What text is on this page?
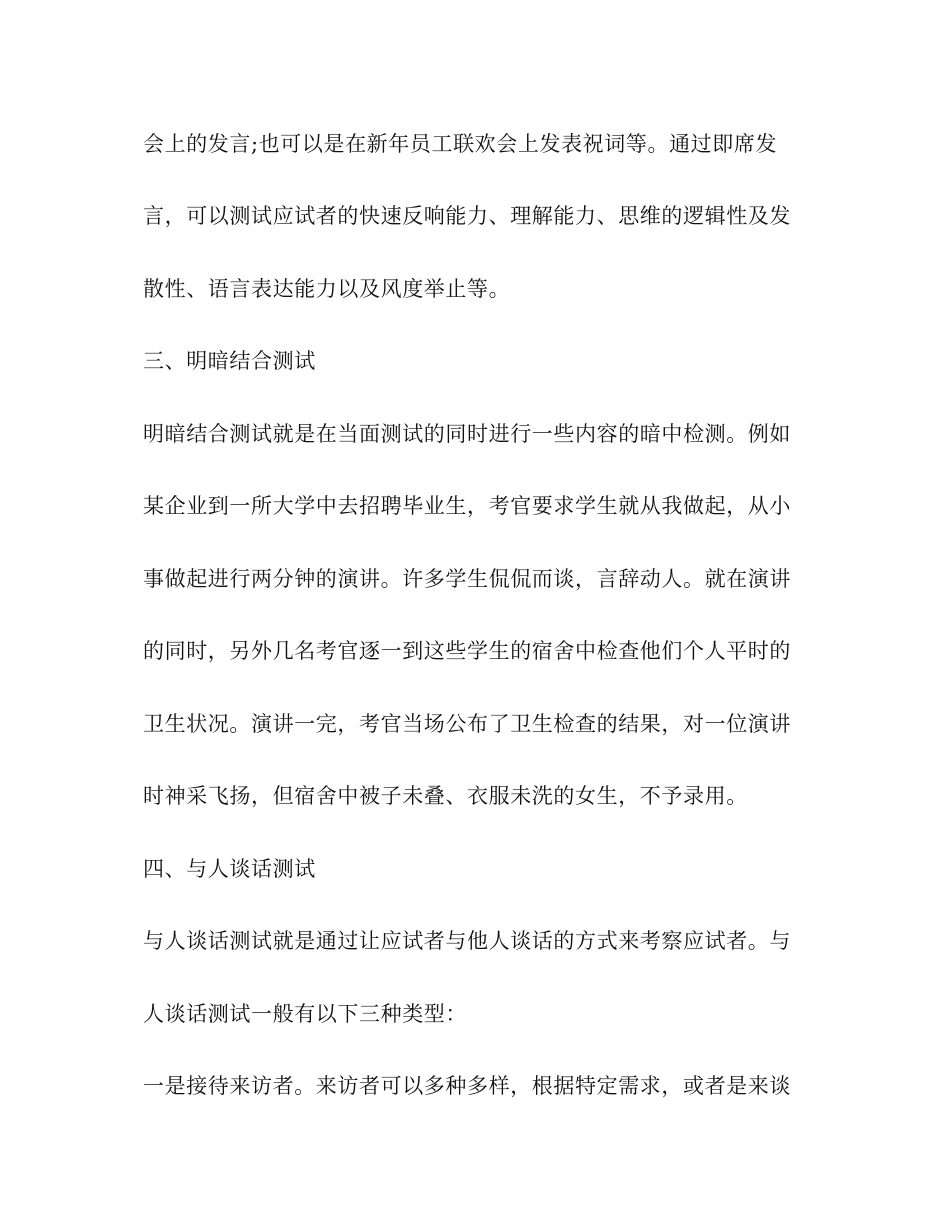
会上的发言;也可以是在新年员工联欢会上发表祝词等。通过即席发

言，可以测试应试者的快速反响能力、理解能力、思维的逻辑性及发

散性、语言表达能力以及风度举止等。

三、明暗结合测试

明暗结合测试就是在当面测试的同时进行一些内容的暗中检测。例如

某企业到一所大学中去招聘毕业生，考官要求学生就从我做起，从小

事做起进行两分钟的演讲。许多学生侃侃而谈，言辞动人。就在演讲

的同时，另外几名考官逐一到这些学生的宿舍中检查他们个人平时的

卫生状况。演讲一完，考官当场公布了卫生检查的结果，对一位演讲

时神采飞扬，但宿舍中被子未叠、衣服未洗的女生，不予录用。

四、与人谈话测试

与人谈话测试就是通过让应试者与他人谈话的方式来考察应试者。与

人谈话测试一般有以下三种类型：

一是接待来访者。来访者可以多种多样，根据特定需求，或者是来谈
